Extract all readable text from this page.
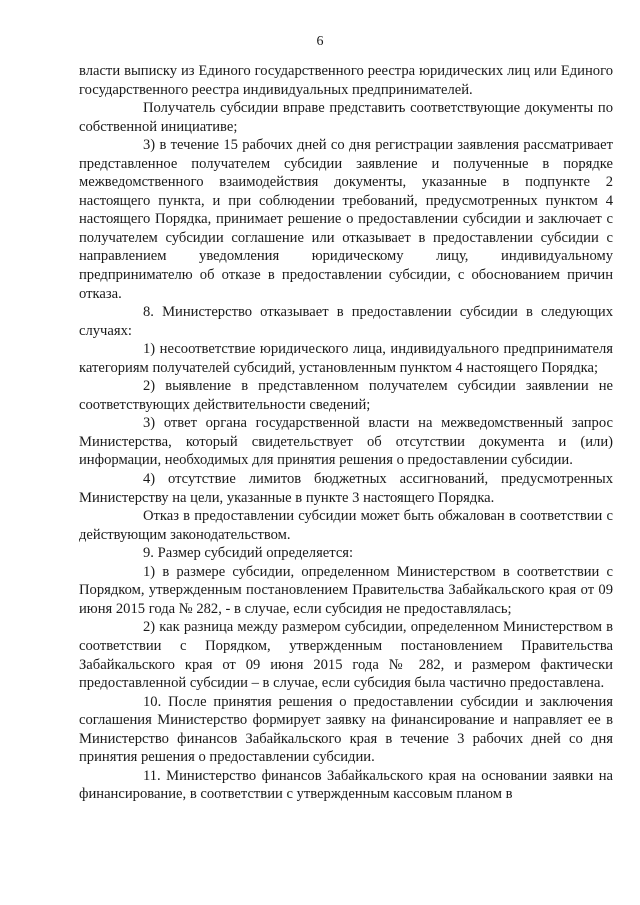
6

власти выписку из Единого государственного реестра юридических лиц или Единого государственного реестра индивидуальных предпринимателей.

Получатель субсидии вправе представить соответствующие документы по собственной инициативе;

3) в течение 15 рабочих дней со дня регистрации заявления рассматривает представленное получателем субсидии заявление и полученные в порядке межведомственного взаимодействия документы, указанные в подпункте 2 настоящего пункта, и при соблюдении требований, предусмотренных пунктом 4 настоящего Порядка, принимает решение о предоставлении субсидии и заключает с получателем субсидии соглашение или отказывает в предоставлении субсидии с направлением уведомления юридическому лицу, индивидуальному предпринимателю об отказе в предоставлении субсидии, с обоснованием причин отказа.

8. Министерство отказывает в предоставлении субсидии в следующих случаях:

1) несоответствие юридического лица, индивидуального предпринимателя категориям получателей субсидий, установленным пунктом 4 настоящего Порядка;

2) выявление в представленном получателем субсидии заявлении не соответствующих действительности сведений;

3) ответ органа государственной власти на межведомственный запрос Министерства, который свидетельствует об отсутствии документа и (или) информации, необходимых для принятия решения о предоставлении субсидии.

4) отсутствие лимитов бюджетных ассигнований, предусмотренных Министерству на цели, указанные в пункте 3 настоящего Порядка.

Отказ в предоставлении субсидии может быть обжалован в соответствии с действующим законодательством.

9. Размер субсидий определяется:

1) в размере субсидии, определенном Министерством в соответствии с Порядком, утвержденным постановлением Правительства Забайкальского края от 09 июня 2015 года № 282, - в случае, если субсидия не предоставлялась;

2) как разница между размером субсидии, определенном Министерством в соответствии с Порядком, утвержденным постановлением Правительства Забайкальского края от 09 июня 2015 года № 282, и размером фактически предоставленной субсидии – в случае, если субсидия была частично предоставлена.

10. После принятия решения о предоставлении субсидии и заключения соглашения Министерство формирует заявку на финансирование и направляет ее в Министерство финансов Забайкальского края в течение 3 рабочих дней со дня принятия решения о предоставлении субсидии.

11. Министерство финансов Забайкальского края на основании заявки на финансирование, в соответствии с утвержденным кассовым планом в
